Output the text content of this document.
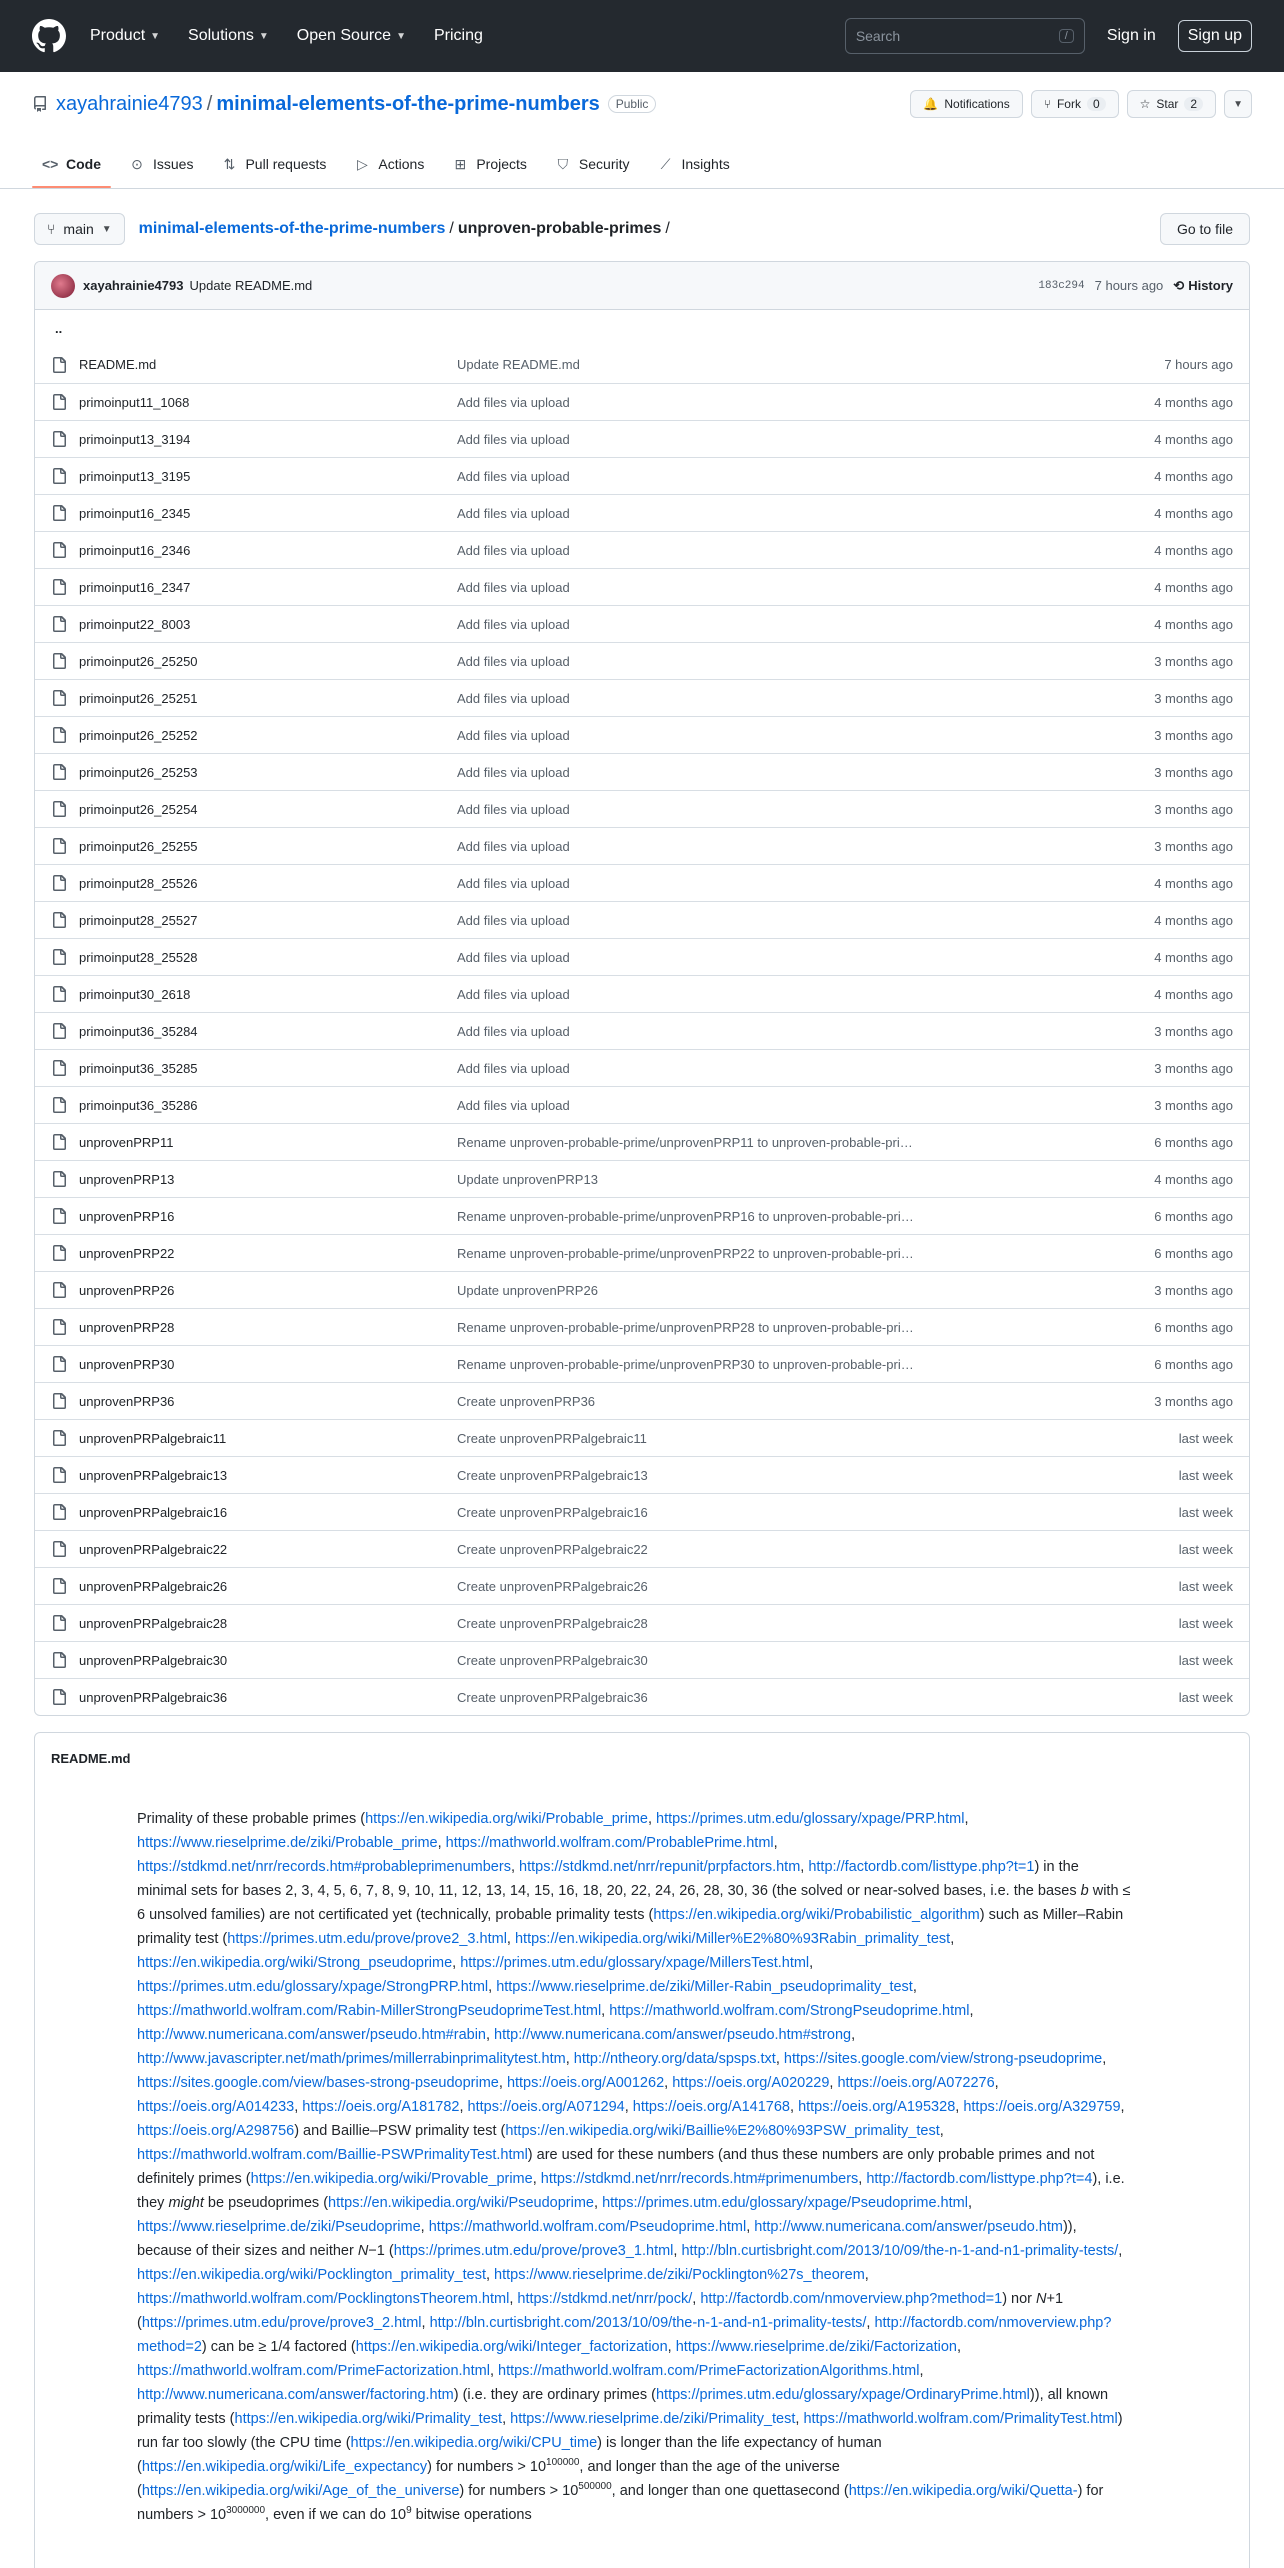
Product ▼ Solutions ▼ Open Source ▼ Pricing	Search	/	Sign in	Sign up
xayahrainie4793 / minimal-elements-of-the-prime-numbers	Public	🔔 Notifications	⑂ Fork	0	☆ Star	2	▼
<> Code ⊙ Issues ⇅ Pull requests ▷ Actions ⊞ Projects ⛉ Security ⟋ Insights
⑂ main ▼ minimal-elements-of-the-prime-numbers / unproven-probable-primes /	Go to file
xayahrainie4793 Update README.md	183c294 7 hours ago ⟲ History
..
README.md	Update README.md	7 hours ago
primoinput11_1068	Add files via upload	4 months ago
primoinput13_3194	Add files via upload	4 months ago
primoinput13_3195	Add files via upload	4 months ago
primoinput16_2345	Add files via upload	4 months ago
primoinput16_2346	Add files via upload	4 months ago
primoinput16_2347	Add files via upload	4 months ago
primoinput22_8003	Add files via upload	4 months ago
primoinput26_25250	Add files via upload	3 months ago
primoinput26_25251	Add files via upload	3 months ago
primoinput26_25252	Add files via upload	3 months ago
primoinput26_25253	Add files via upload	3 months ago
primoinput26_25254	Add files via upload	3 months ago
primoinput26_25255	Add files via upload	3 months ago
primoinput28_25526	Add files via upload	4 months ago
primoinput28_25527	Add files via upload	4 months ago
primoinput28_25528	Add files via upload	4 months ago
primoinput30_2618	Add files via upload	4 months ago
primoinput36_35284	Add files via upload	3 months ago
primoinput36_35285	Add files via upload	3 months ago
primoinput36_35286	Add files via upload	3 months ago
unprovenPRP11	Rename unproven-probable-prime/unprovenPRP11 to unproven-probable-pri…	6 months ago
unprovenPRP13	Update unprovenPRP13	4 months ago
unprovenPRP16	Rename unproven-probable-prime/unprovenPRP16 to unproven-probable-pri…	6 months ago
unprovenPRP22	Rename unproven-probable-prime/unprovenPRP22 to unproven-probable-pri…	6 months ago
unprovenPRP26	Update unprovenPRP26	3 months ago
unprovenPRP28	Rename unproven-probable-prime/unprovenPRP28 to unproven-probable-pri…	6 months ago
unprovenPRP30	Rename unproven-probable-prime/unprovenPRP30 to unproven-probable-pri…	6 months ago
unprovenPRP36	Create unprovenPRP36	3 months ago
unprovenPRPalgebraic11	Create unprovenPRPalgebraic11	last week
unprovenPRPalgebraic13	Create unprovenPRPalgebraic13	last week
unprovenPRPalgebraic16	Create unprovenPRPalgebraic16	last week
unprovenPRPalgebraic22	Create unprovenPRPalgebraic22	last week
unprovenPRPalgebraic26	Create unprovenPRPalgebraic26	last week
unprovenPRPalgebraic28	Create unprovenPRPalgebraic28	last week
unprovenPRPalgebraic30	Create unprovenPRPalgebraic30	last week
unprovenPRPalgebraic36	Create unprovenPRPalgebraic36	last week
README.md

Primality of these probable primes (https://en.wikipedia.org/wiki/Probable_prime, https://primes.utm.edu/glossary/xpage/PRP.html, https://www.rieselprime.de/ziki/Probable_prime, https://mathworld.wolfram.com/ProbablePrime.html, https://stdkmd.net/nrr/records.htm#probableprimenumbers, https://stdkmd.net/nrr/repunit/prpfactors.htm, http://factordb.com/listtype.php?t=1) in the minimal sets for bases 2, 3, 4, 5, 6, 7, 8, 9, 10, 11, 12, 13, 14, 15, 16, 18, 20, 22, 24, 26, 28, 30, 36 (the solved or near-solved bases, i.e. the bases b with ≤ 6 unsolved families) are not certificated yet (technically, probable primality tests (https://en.wikipedia.org/wiki/Probabilistic_algorithm) such as Miller–Rabin primality test (https://primes.utm.edu/prove/prove2_3.html, https://en.wikipedia.org/wiki/Miller%E2%80%93Rabin_primality_test, https://en.wikipedia.org/wiki/Strong_pseudoprime, https://primes.utm.edu/glossary/xpage/MillersTest.html, https://primes.utm.edu/glossary/xpage/StrongPRP.html, https://www.rieselprime.de/ziki/Miller-Rabin_pseudoprimality_test, https://mathworld.wolfram.com/Rabin-MillerStrongPseudoprimeTest.html, https://mathworld.wolfram.com/StrongPseudoprime.html, http://www.numericana.com/answer/pseudo.htm#rabin, http://www.numericana.com/answer/pseudo.htm#strong, http://www.javascripter.net/math/primes/millerrabinprimalitytest.htm, http://ntheory.org/data/spsps.txt, https://sites.google.com/view/strong-pseudoprime, https://sites.google.com/view/bases-strong-pseudoprime, https://oeis.org/A001262, https://oeis.org/A020229, https://oeis.org/A072276, https://oeis.org/A014233, https://oeis.org/A181782, https://oeis.org/A071294, https://oeis.org/A141768, https://oeis.org/A195328, https://oeis.org/A329759, https://oeis.org/A298756) and Baillie–PSW primality test (https://en.wikipedia.org/wiki/Baillie%E2%80%93PSW_primality_test, https://mathworld.wolfram.com/Baillie-PSWPrimalityTest.html) are used for these numbers (and thus these numbers are only probable primes and not definitely primes (https://en.wikipedia.org/wiki/Provable_prime, https://stdkmd.net/nrr/records.htm#primenumbers, http://factordb.com/listtype.php?t=4), i.e. they might be pseudoprimes (https://en.wikipedia.org/wiki/Pseudoprime, https://primes.utm.edu/glossary/xpage/Pseudoprime.html, https://www.rieselprime.de/ziki/Pseudoprime, https://mathworld.wolfram.com/Pseudoprime.html, http://www.numericana.com/answer/pseudo.htm)), because of their sizes and neither N−1 (https://primes.utm.edu/prove/prove3_1.html, http://bln.curtisbright.com/2013/10/09/the-n-1-and-n1-primality-tests/, https://en.wikipedia.org/wiki/Pocklington_primality_test, https://www.rieselprime.de/ziki/Pocklington%27s_theorem, https://mathworld.wolfram.com/PocklingtonsTheorem.html, https://stdkmd.net/nrr/pock/, http://factordb.com/nmoverview.php?method=1) nor N+1 (https://primes.utm.edu/prove/prove3_2.html, http://bln.curtisbright.com/2013/10/09/the-n-1-and-n1-primality-tests/, http://factordb.com/nmoverview.php?method=2) can be ≥ 1/4 factored (https://en.wikipedia.org/wiki/Integer_factorization, https://www.rieselprime.de/ziki/Factorization, https://mathworld.wolfram.com/PrimeFactorization.html, https://mathworld.wolfram.com/PrimeFactorizationAlgorithms.html, http://www.numericana.com/answer/factoring.htm) (i.e. they are ordinary primes (https://primes.utm.edu/glossary/xpage/OrdinaryPrime.html)), all known primality tests (https://en.wikipedia.org/wiki/Primality_test, https://www.rieselprime.de/ziki/Primality_test, https://mathworld.wolfram.com/PrimalityTest.html) run far too slowly (the CPU time (https://en.wikipedia.org/wiki/CPU_time) is longer than the life expectancy of human (https://en.wikipedia.org/wiki/Life_expectancy) for numbers > $10^{100000}$, and longer than the age of the universe (https://en.wikipedia.org/wiki/Age_of_the_universe) for numbers > $10^{500000}$, and longer than one quettasecond (https://en.wikipedia.org/wiki/Quetta-) for numbers > $10^{3000000}$, even if we can do $10^9$ bitwise operations
